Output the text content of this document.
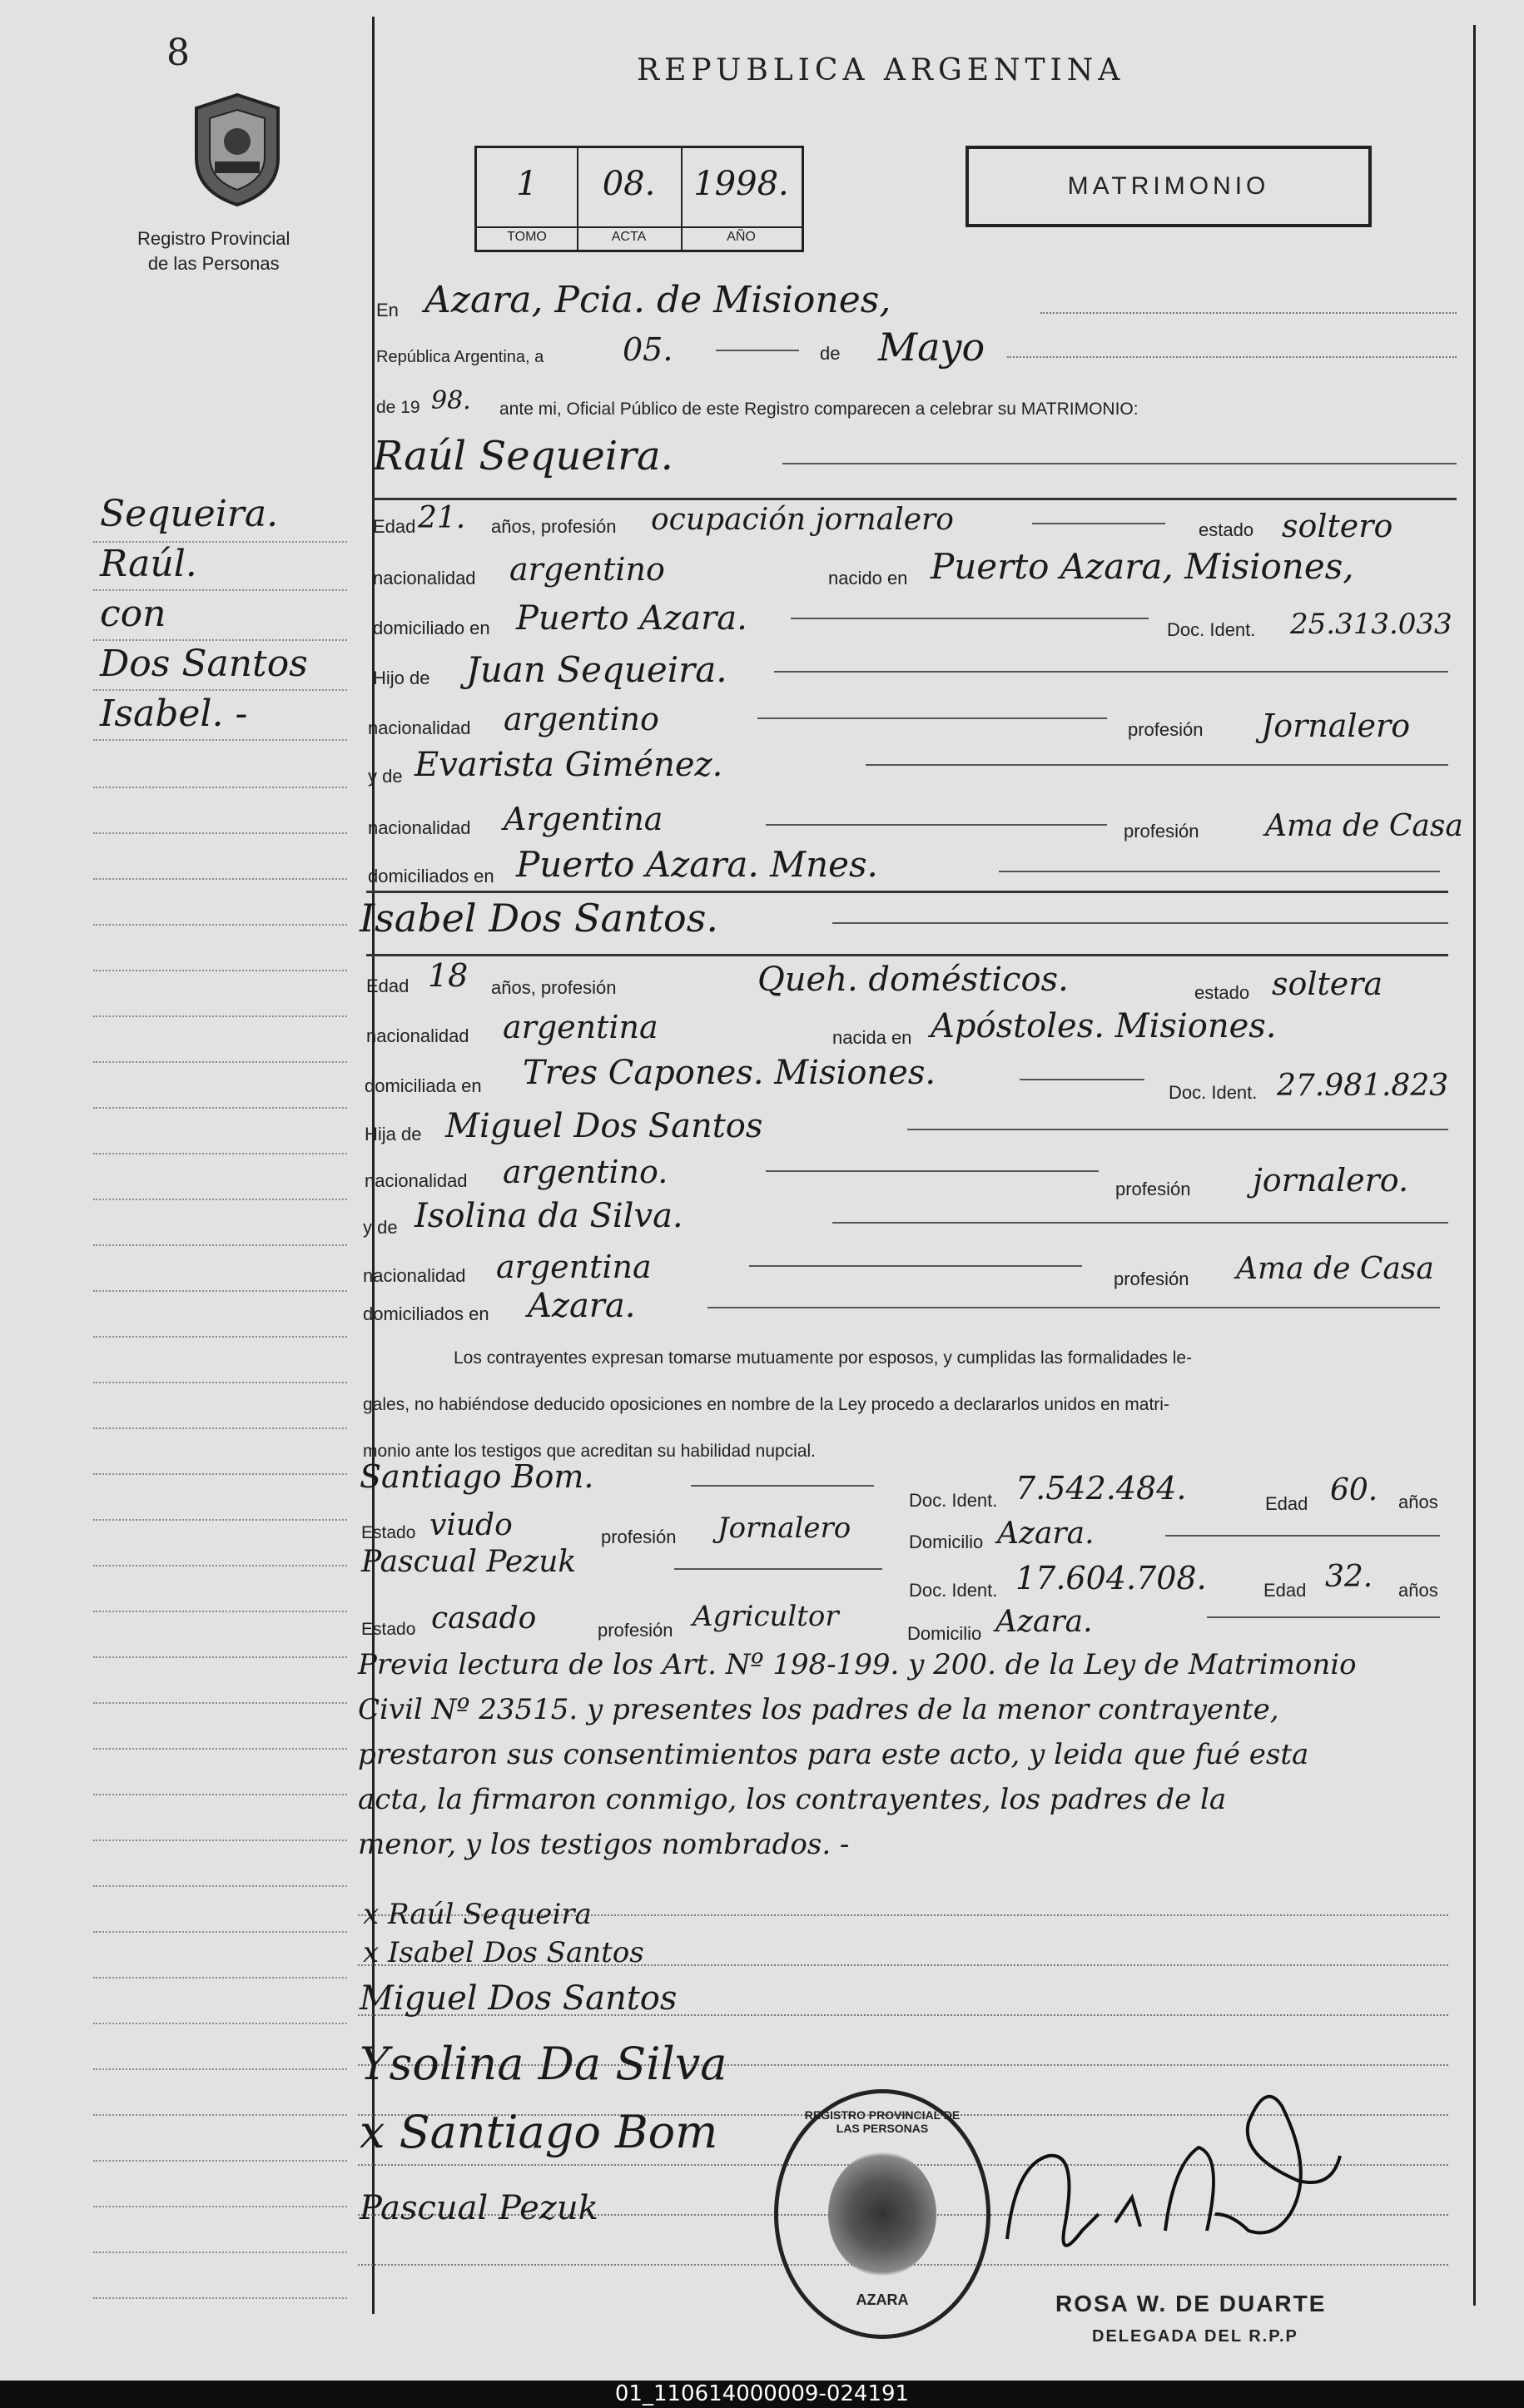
8	REPUBLICA ARGENTINA
Registro Provincial
de las Personas
1
TOMO
08.
ACTA
1998.
AÑO
MATRIMONIO
Sequeira.
Raúl.
con
Dos Santos
Isabel. -
En Azara, Pcia. de Misiones,
República Argentina, a 05.	de Mayo
de 19 98. ante mi, Oficial Público de este Registro comparecen a celebrar su MATRIMONIO:
Raúl Sequeira.
Edad 21. años, profesión ocupación jornalero	estado soltero
nacionalidad argentino	nacido en Puerto Azara, Misiones,
domiciliado en Puerto Azara.	Doc. Ident. 25.313.033
Hijo de Juan Sequeira.
nacionalidad argentino	profesión Jornalero
y de Evarista Giménez.
nacionalidad Argentina	profesión Ama de Casa
domiciliados en Puerto Azara. Mnes.
Isabel Dos Santos.
Edad 18 años, profesión	Queh. domésticos.	estado soltera
nacionalidad argentina	nacida en Apóstoles. Misiones.
domiciliada en Tres Capones. Misiones.
Doc. Ident. 27.981.823
Hija de Miguel Dos Santos
nacionalidad argentino.	profesión jornalero.
y de Isolina da Silva.
nacionalidad argentina	profesión Ama de Casa
domiciliados en Azara.
Los contrayentes expresan tomarse mutuamente por esposos, y cumplidas las formalidades le-
gales, no habiéndose deducido oposiciones en nombre de la Ley procedo a declararlos unidos en matri-
monio ante los testigos que acreditan su habilidad nupcial.
Santiago Bom.
Doc. Ident. 7.542.484.	Edad 60. años
Estado viudo	profesión Jornalero	Domicilio Azara.
Pascual Pezuk
Doc. Ident. 17.604.708.	Edad 32. años
Estado casado	profesión Agricultor
Domicilio Azara.
Previa lectura de los Art. Nº 198-199. y 200. de la Ley de Matrimonio
Civil Nº 23515. y presentes los padres de la menor contrayente,
prestaron sus consentimientos para este acto, y leida que fué esta
acta, la firmaron conmigo, los contrayentes, los padres de la
menor, y los testigos nombrados. -
x Raúl Sequeira
x Isabel Dos Santos
Miguel Dos Santos
Ysolina Da Silva
x Santiago Bom
Pascual Pezuk
REGISTRO PROVINCIAL DE LAS PERSONAS
AZARA	ROSA W. DE DUARTE
DELEGADA DEL R.P.P
01_110614000009-024191
